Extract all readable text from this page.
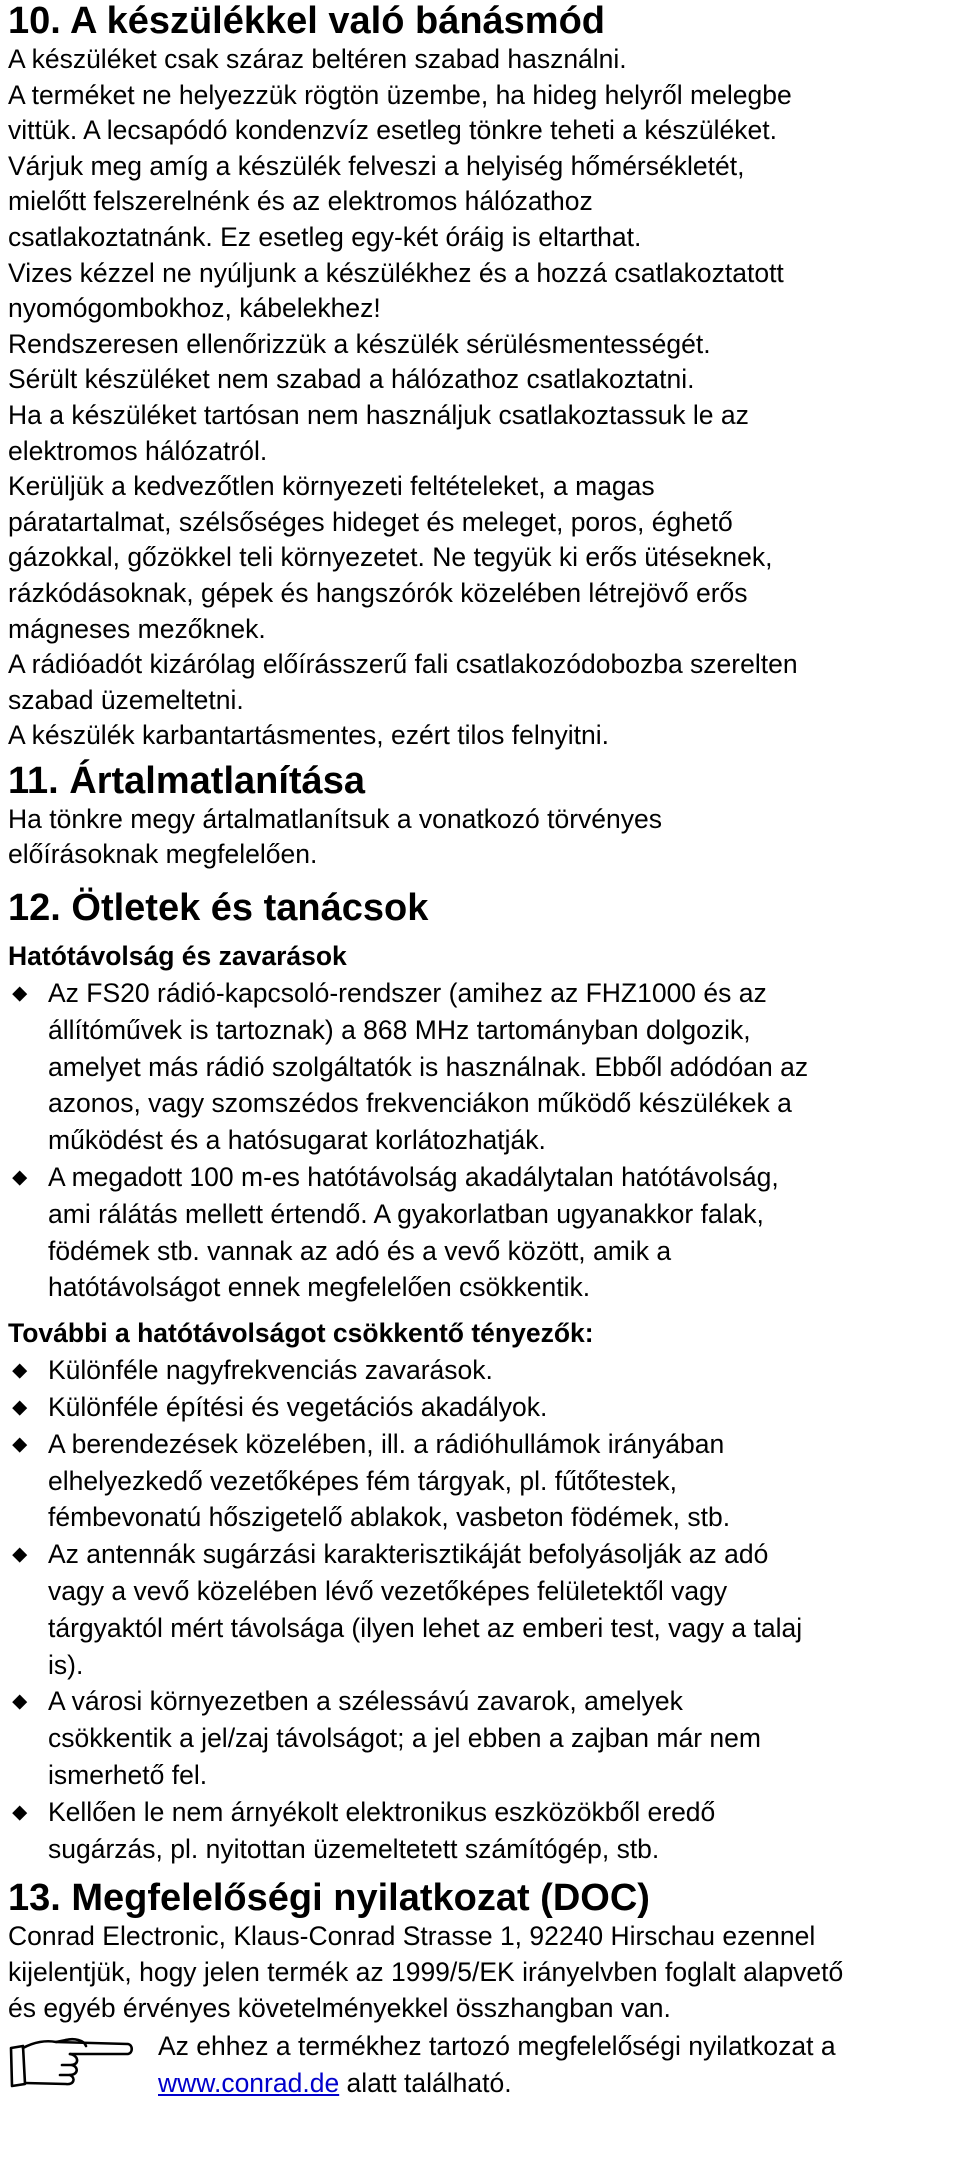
10. A készülékkel való bánásmód

A készüléket csak száraz beltéren szabad használni.

A terméket ne helyezzük rögtön üzembe, ha hideg helyről melegbe

vittük. A lecsapódó kondenzvíz esetleg tönkre teheti a készüléket.

Várjuk meg amíg a készülék felveszi a helyiség hőmérsékletét,

mielőtt felszerelnénk és az elektromos hálózathoz

csatlakoztatnánk. Ez esetleg egy-két óráig is eltarthat.

Vizes kézzel ne nyúljunk a készülékhez és a hozzá csatlakoztatott

nyomógombokhoz, kábelekhez!

Rendszeresen ellenőrizzük a készülék sérülésmentességét.

Sérült készüléket nem szabad a hálózathoz csatlakoztatni.

Ha a készüléket tartósan nem használjuk csatlakoztassuk le az

elektromos hálózatról.

Kerüljük a kedvezőtlen környezeti feltételeket, a magas

páratartalmat, szélsőséges hideget és meleget, poros, éghető

gázokkal, gőzökkel teli környezetet. Ne tegyük ki erős ütéseknek,

rázkódásoknak, gépek és hangszórók közelében létrejövő erős

mágneses mezőknek.

A rádióadót kizárólag előírásszerű fali csatlakozódobozba szerelten

szabad üzemeltetni.

A készülék karbantartásmentes, ezért tilos felnyitni.

11. Ártalmatlanítása

Ha tönkre megy ártalmatlanítsuk a vonatkozó törvényes

előírásoknak megfelelően.

12. Ötletek és tanácsok

Hatótávolság és zavarások

⬥ Az FS20 rádió-kapcsoló-rendszer (amihez az FHZ1000 és az
állítóművek is tartoznak) a 868 MHz tartományban dolgozik,
amelyet más rádió szolgáltatók is használnak. Ebből adódóan az
azonos, vagy szomszédos frekvenciákon működő készülékek a
működést és a hatósugarat korlátozhatják.
⬥ A megadott 100 m-es hatótávolság akadálytalan hatótávolság,
ami rálátás mellett értendő. A gyakorlatban ugyanakkor falak,
födémek stb. vannak az adó és a vevő között, amik a
hatótávolságot ennek megfelelően csökkentik.

További a hatótávolságot csökkentő tényezők:

⬥ Különféle nagyfrekvenciás zavarások.
⬥ Különféle építési és vegetációs akadályok.
⬥ A berendezések közelében, ill. a rádióhullámok irányában
elhelyezkedő vezetőképes fém tárgyak, pl. fűtőtestek,
fémbevonatú hőszigetelő ablakok, vasbeton födémek, stb.
⬥ Az antennák sugárzási karakterisztikáját befolyásolják az adó
vagy a vevő közelében lévő vezetőképes felületektől vagy
tárgyaktól mért távolsága (ilyen lehet az emberi test, vagy a talaj
is).
⬥ A városi környezetben a szélessávú zavarok, amelyek
csökkentik a jel/zaj távolságot; a jel ebben a zajban már nem
ismerhető fel.
⬥ Kellően le nem árnyékolt elektronikus eszközökből eredő
sugárzás, pl. nyitottan üzemeltetett számítógép, stb.
13. Megfelelőségi nyilatkozat (DOC)

Conrad Electronic, Klaus-Conrad Strasse 1, 92240 Hirschau ezennel

kijelentjük, hogy jelen termék az 1999/5/EK irányelvben foglalt alapvető

és egyéb érvényes követelményekkel összhangban van.

Az ehhez a termékhez tartozó megfelelőségi nyilatkozat a
www.conrad.de alatt található.
